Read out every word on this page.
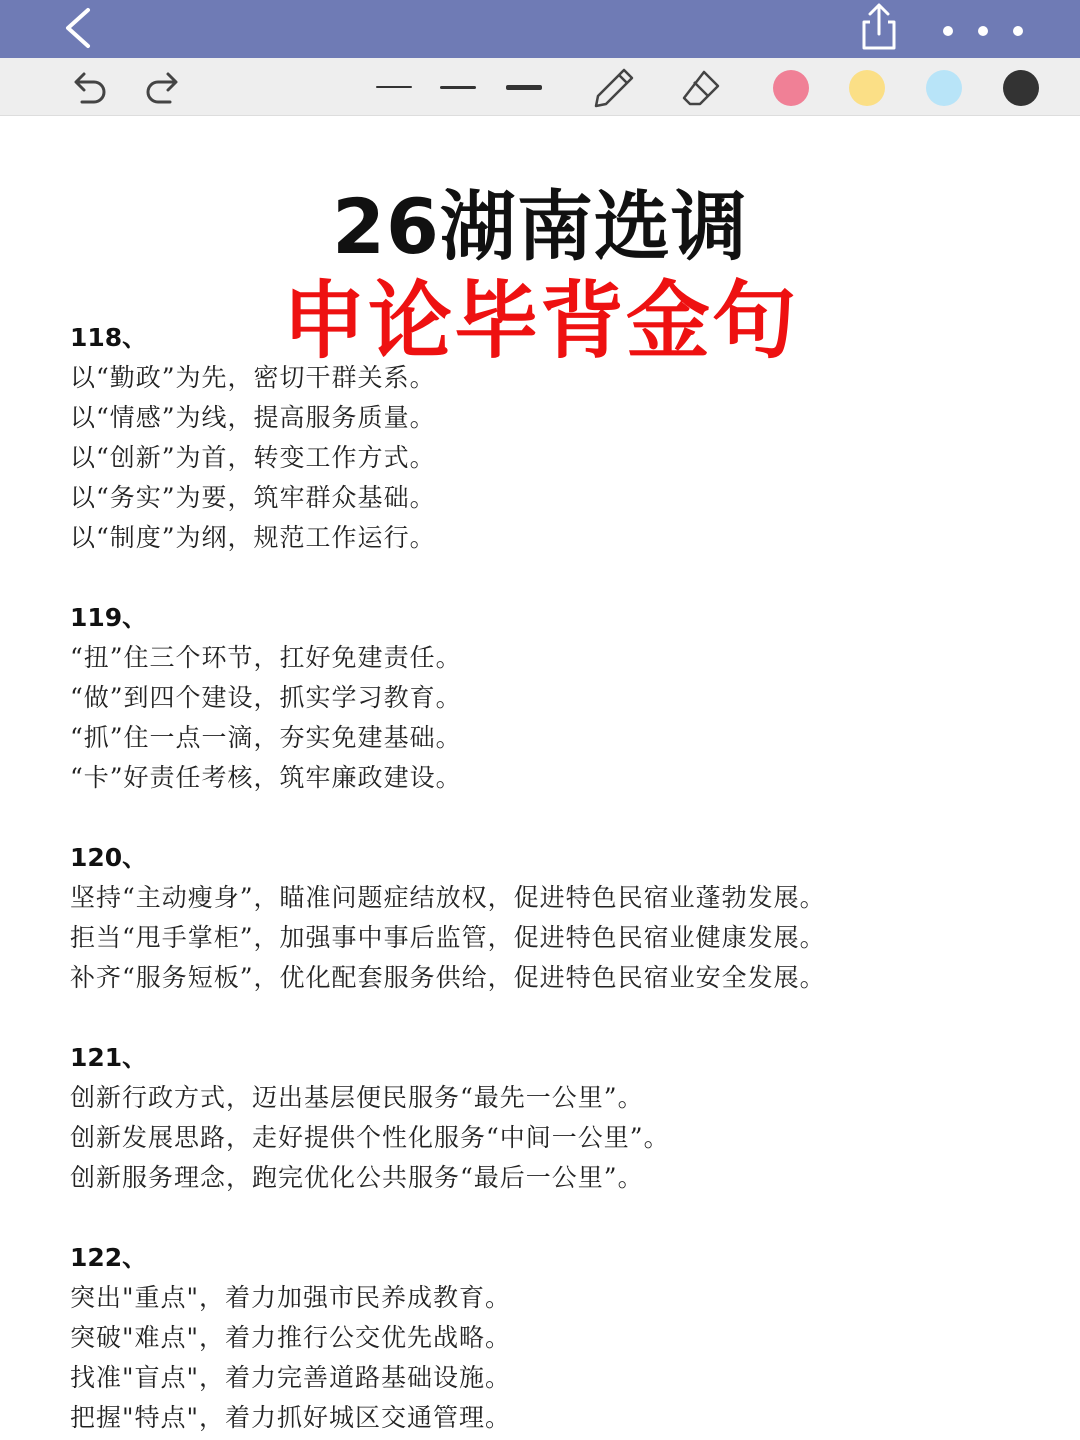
26湖南选调
申论毕背金句
118、
以“勤政”为先，密切干群关系。
以“情感”为线，提高服务质量。
以“创新”为首，转变工作方式。
以“务实”为要，筑牢群众基础。
以“制度”为纲，规范工作运行。
119、
“扭”住三个环节，扛好免建责任。
“做”到四个建设，抓实学习教育。
“抓”住一点一滴，夯实免建基础。
“卡”好责任考核，筑牢廉政建设。
120、
坚持“主动瘦身”，瞄准问题症结放权，促进特色民宿业蓬勃发展。
拒当“甩手掌柜”，加强事中事后监管，促进特色民宿业健康发展。
补齐“服务短板”，优化配套服务供给，促进特色民宿业安全发展。
121、
创新行政方式，迈出基层便民服务“最先一公里”。
创新发展思路，走好提供个性化服务“中间一公里”。
创新服务理念，跑完优化公共服务“最后一公里”。
122、
突出"重点"，着力加强市民养成教育。
突破"难点"，着力推行公交优先战略。
找准"盲点"，着力完善道路基础设施。
把握"特点"，着力抓好城区交通管理。
